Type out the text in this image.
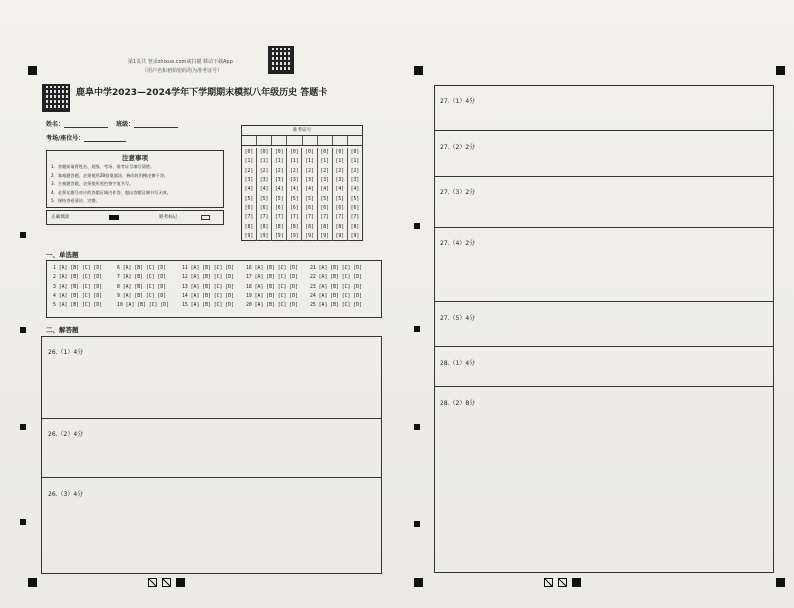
第1页共 登录zhixue.com或扫描 移动下载App
（用户名和初始密码均为准考证号）
鹿阜中学2023—2024学年下学期期末模拟八年级历史 答题卡
姓名：	班级：
考场/座位号：
注意事项
1．答题前请将姓名、班级、考场、准考证号填写清楚。
2．客观题答题，必须使用2B铅笔填涂，修改时用橡皮擦干净。
3．主观题答题，必须使用黑色签字笔书写。
4．必须在题号对应的答题区域内作答，超出答题区域书写无效。
5．保持答卷清洁、完整。
正确填涂	缺考标记
准考证号
[0]	[0]	[0]	[0]	[0]	[0]	[0]	[0]
[1]	[1]	[1]	[1]	[1]	[1]	[1]	[1]
[2]	[2]	[2]	[2]	[2]	[2]	[2]	[2]
[3]	[3]	[3]	[3]	[3]	[3]	[3]	[3]
[4]	[4]	[4]	[4]	[4]	[4]	[4]	[4]
[5]	[5]	[5]	[5]	[5]	[5]	[5]	[5]
[6]	[6]	[6]	[6]	[6]	[6]	[6]	[6]
[7]	[7]	[7]	[7]	[7]	[7]	[7]	[7]
[8]	[8]	[8]	[8]	[8]	[8]	[8]	[8]
[9]	[9]	[9]	[9]	[9]	[9]	[9]	[9]
一、单选题
1 [A] [B] [C] [D]
2 [A] [B] [C] [D]
3 [A] [B] [C] [D]
4 [A] [B] [C] [D]
5 [A] [B] [C] [D]
6 [A] [B] [C] [D]
7 [A] [B] [C] [D]
8 [A] [B] [C] [D]
9 [A] [B] [C] [D]
10 [A] [B] [C] [D]
11 [A] [B] [C] [D]
12 [A] [B] [C] [D]
13 [A] [B] [C] [D]
14 [A] [B] [C] [D]
15 [A] [B] [C] [D]
16 [A] [B] [C] [D]
17 [A] [B] [C] [D]
18 [A] [B] [C] [D]
19 [A] [B] [C] [D]
20 [A] [B] [C] [D]
21 [A] [B] [C] [D]
22 [A] [B] [C] [D]
23 [A] [B] [C] [D]
24 [A] [B] [C] [D]
25 [A] [B] [C] [D]
二、解答题
26.（1）4分
26.（2）4分
26.（3）4分
27.（1）4分
27.（2）2分
27.（3）2分
27.（4）2分
27.（5）4分
28.（1）4分
28.（2）8分
